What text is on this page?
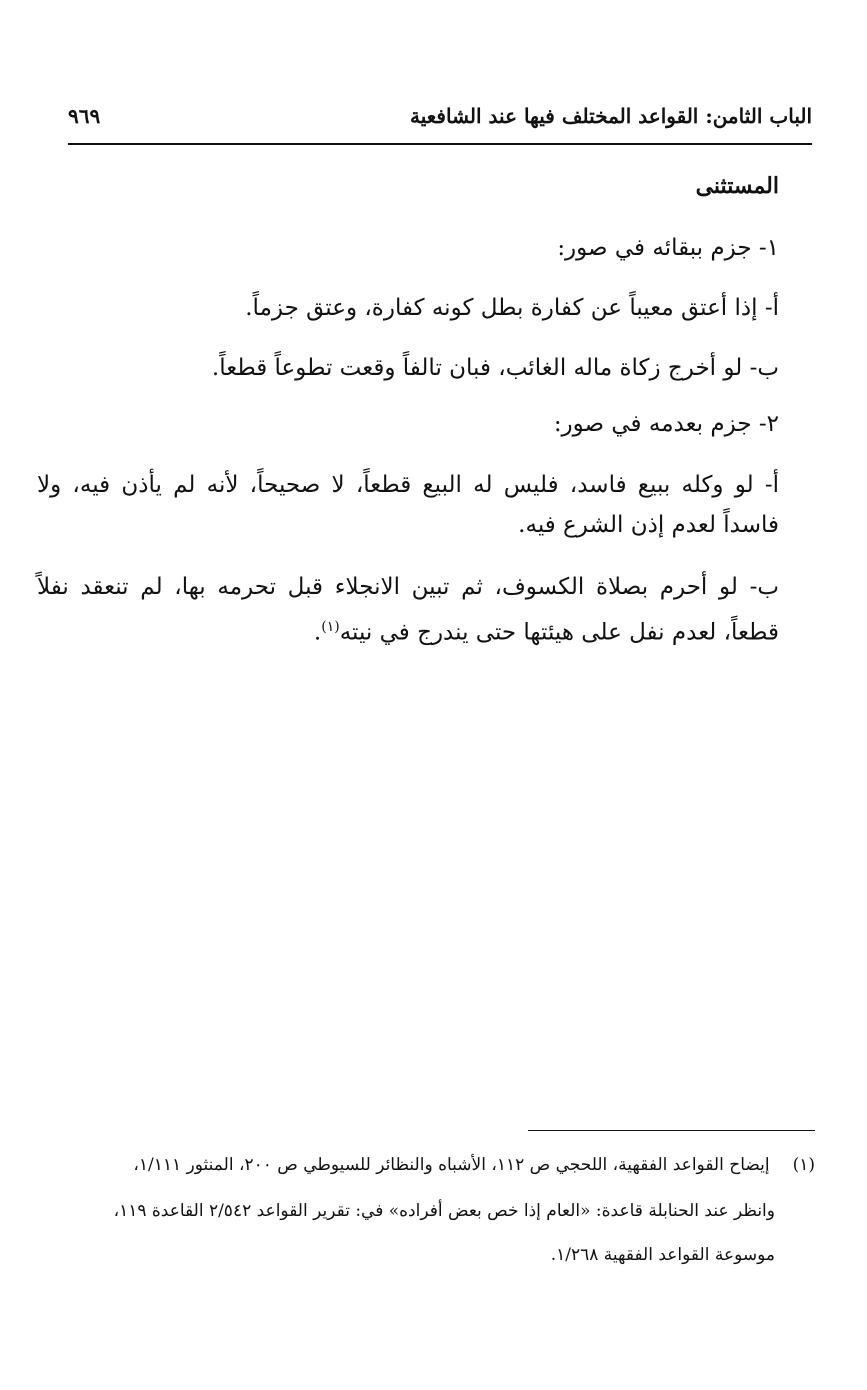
الباب الثامن: القواعد المختلف فيها عند الشافعية
٩٦٩
المستثنى
١- جزم ببقائه في صور:
أ- إذا أعتق معيباً عن كفارة بطل كونه كفارة، وعتق جزماً.
ب- لو أخرج زكاة ماله الغائب، فبان تالفاً وقعت تطوعاً قطعاً.
٢- جزم بعدمه في صور:
أ- لو وكله ببيع فاسد، فليس له البيع قطعاً، لا صحيحاً، لأنه لم يأذن فيه، ولا فاسداً لعدم إذن الشرع فيه.
ب- لو أحرم بصلاة الكسوف، ثم تبين الانجلاء قبل تحرمه بها، لم تنعقد نفلاً قطعاً، لعدم نفل على هيئتها حتى يندرج في نيته$^{(١)}$.
(١) إيضاح القواعد الفقهية، اللحجي ص ١١٢، الأشباه والنظائر للسيوطي ص ٢٠٠، المنثور ١/١١١،
وانظر عند الحنابلة قاعدة: «العام إذا خص بعض أفراده» في: تقرير القواعد ٢/٥٤٢ القاعدة ١١٩،
موسوعة القواعد الفقهية ١/٢٦٨.
